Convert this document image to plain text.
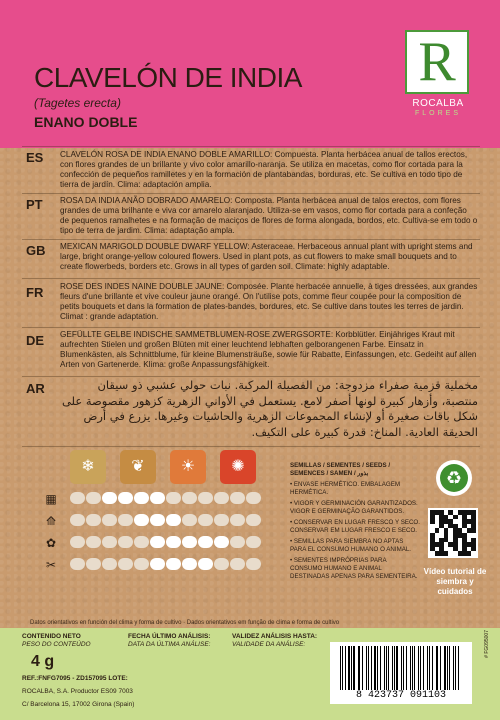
R
ROCALBA
FLORES
CLAVELÓN DE INDIA
(Tagetes erecta)
ENANO DOBLE
ES CLAVELÓN ROSA DE INDIA ENANO DOBLE AMARILLO: Compuesta. Planta herbácea anual de tallos erectos, con flores grandes de un brillante y vivo color amarillo-naranja. Se utiliza en macetas, como flor cortada para la confección de pequeños ramilletes y en la formación de plantabandas, borduras, etc. Se cultiva en todo tipo de tierra de jardín. Clima: adaptación amplia.
PT ROSA DA INDIA ANÃO DOBRADO AMARELO: Composta. Planta herbácea anual de talos erectos, com flores grandes de uma brilhante e viva cor amarelo alaranjado. Utiliza-se em vasos, como flor cortada para a confeção de pequenos ramalhetes e na formação de maciços de flores de forma alongada, bordos, etc. Cultiva-se em todo o tipo de terra de jardim. Clima: adaptação ampla.
GB MEXICAN MARIGOLD DOUBLE DWARF YELLOW: Asteraceae. Herbaceous annual plant with upright stems and large, bright orange-yellow coloured flowers. Used in plant pots, as cut flowers to make small bouquets and to create flowerbeds, borders etc. Grows in all types of garden soil. Climate: highly adaptable.
FR ROSE DES INDES NAINE DOUBLE JAUNE: Composée. Plante herbacée annuelle, à tiges dressées, aux grandes fleurs d'une brillante et vive couleur jaune orangé. On l'utilise pots, comme fleur coupée pour la composition de petits bouquets et dans la formation de plates-bandes, bordures, etc. Se cultive dans toutes les terres de jardin. Climat : grande adaptation.
DE GEFÜLLTE GELBE INDISCHE SAMMETBLUMEN-ROSE ZWERGSORTE: Korbblütler. Einjähriges Kraut mit aufrechten Stielen und großen Blüten mit einer leuchtend lebhaften gelborangenen Farbe. Einsatz in Blumenkästen, als Schnittblume, für kleine Blumensträuße, sowie für Rabatte, Einfassungen, etc. Gedeiht auf allen Arten von Gartenerde. Klima: große Anpassungsfähigkeit.
AR	مخملية قزمية صفراء مزدوجة: من الفصيلة المركبة. نبات حولي عشبي ذو سيقان منتصبة، وأزهار كبيرة لونها أصفر لامع. يستعمل في الأواني الزهرية كزهور مقصوصة على شكل باقات صغيرة أو لإنشاء المجموعات الزهرية والحاشيات وغيرها. يزرع في أرض الحديقة العادية. المناخ: قدرة كبيرة على التكيف.
❄	❦	☀	✺
▦
⟰
✿
✂
SEMILLAS / SEMENTES / SEEDS / SEMENCES / SAMEN / بذور
• ENVASE HERMÉTICO. EMBALAGEM HERMÉTICA.
• VIGOR Y GERMINACIÓN GARANTIZADOS. VIGOR E GERMINAÇÃO GARANTIDOS.
• CONSERVAR EN LUGAR FRESCO Y SECO. CONSERVAR EM LUGAR FRESCO E SECO.
• SEMILLAS PARA SIEMBRA NO APTAS PARA EL CONSUMO HUMANO O ANIMAL.
• SEMENTES IMPRÓPRIAS PARA CONSUMO HUMANO E ANIMAL DESTINADAS APENAS PARA SEMENTEIRA.
♻
Vídeo tutorial de siembra y cuidados
Datos orientativos en función del clima y forma de cultivo · Dados orientativos em função de clima e forma de cultivo
CONTENIDO NETO
PESO DO CONTEÚDO
4 g
FECHA ÚLTIMO ANÁLISIS:
DATA DA ÚLTIMA ANÁLISE:
VALIDEZ ANÁLISIS HASTA:
VALIDADE DA ANÁLISE:
REF.:FNFG7095 - ZD157095 LOTE:
ROCALBA, S.A. Productor ES09 7003
C/ Barcelona 15, 17002 Girona (Spain)
8 423737 091103
# FG095007
